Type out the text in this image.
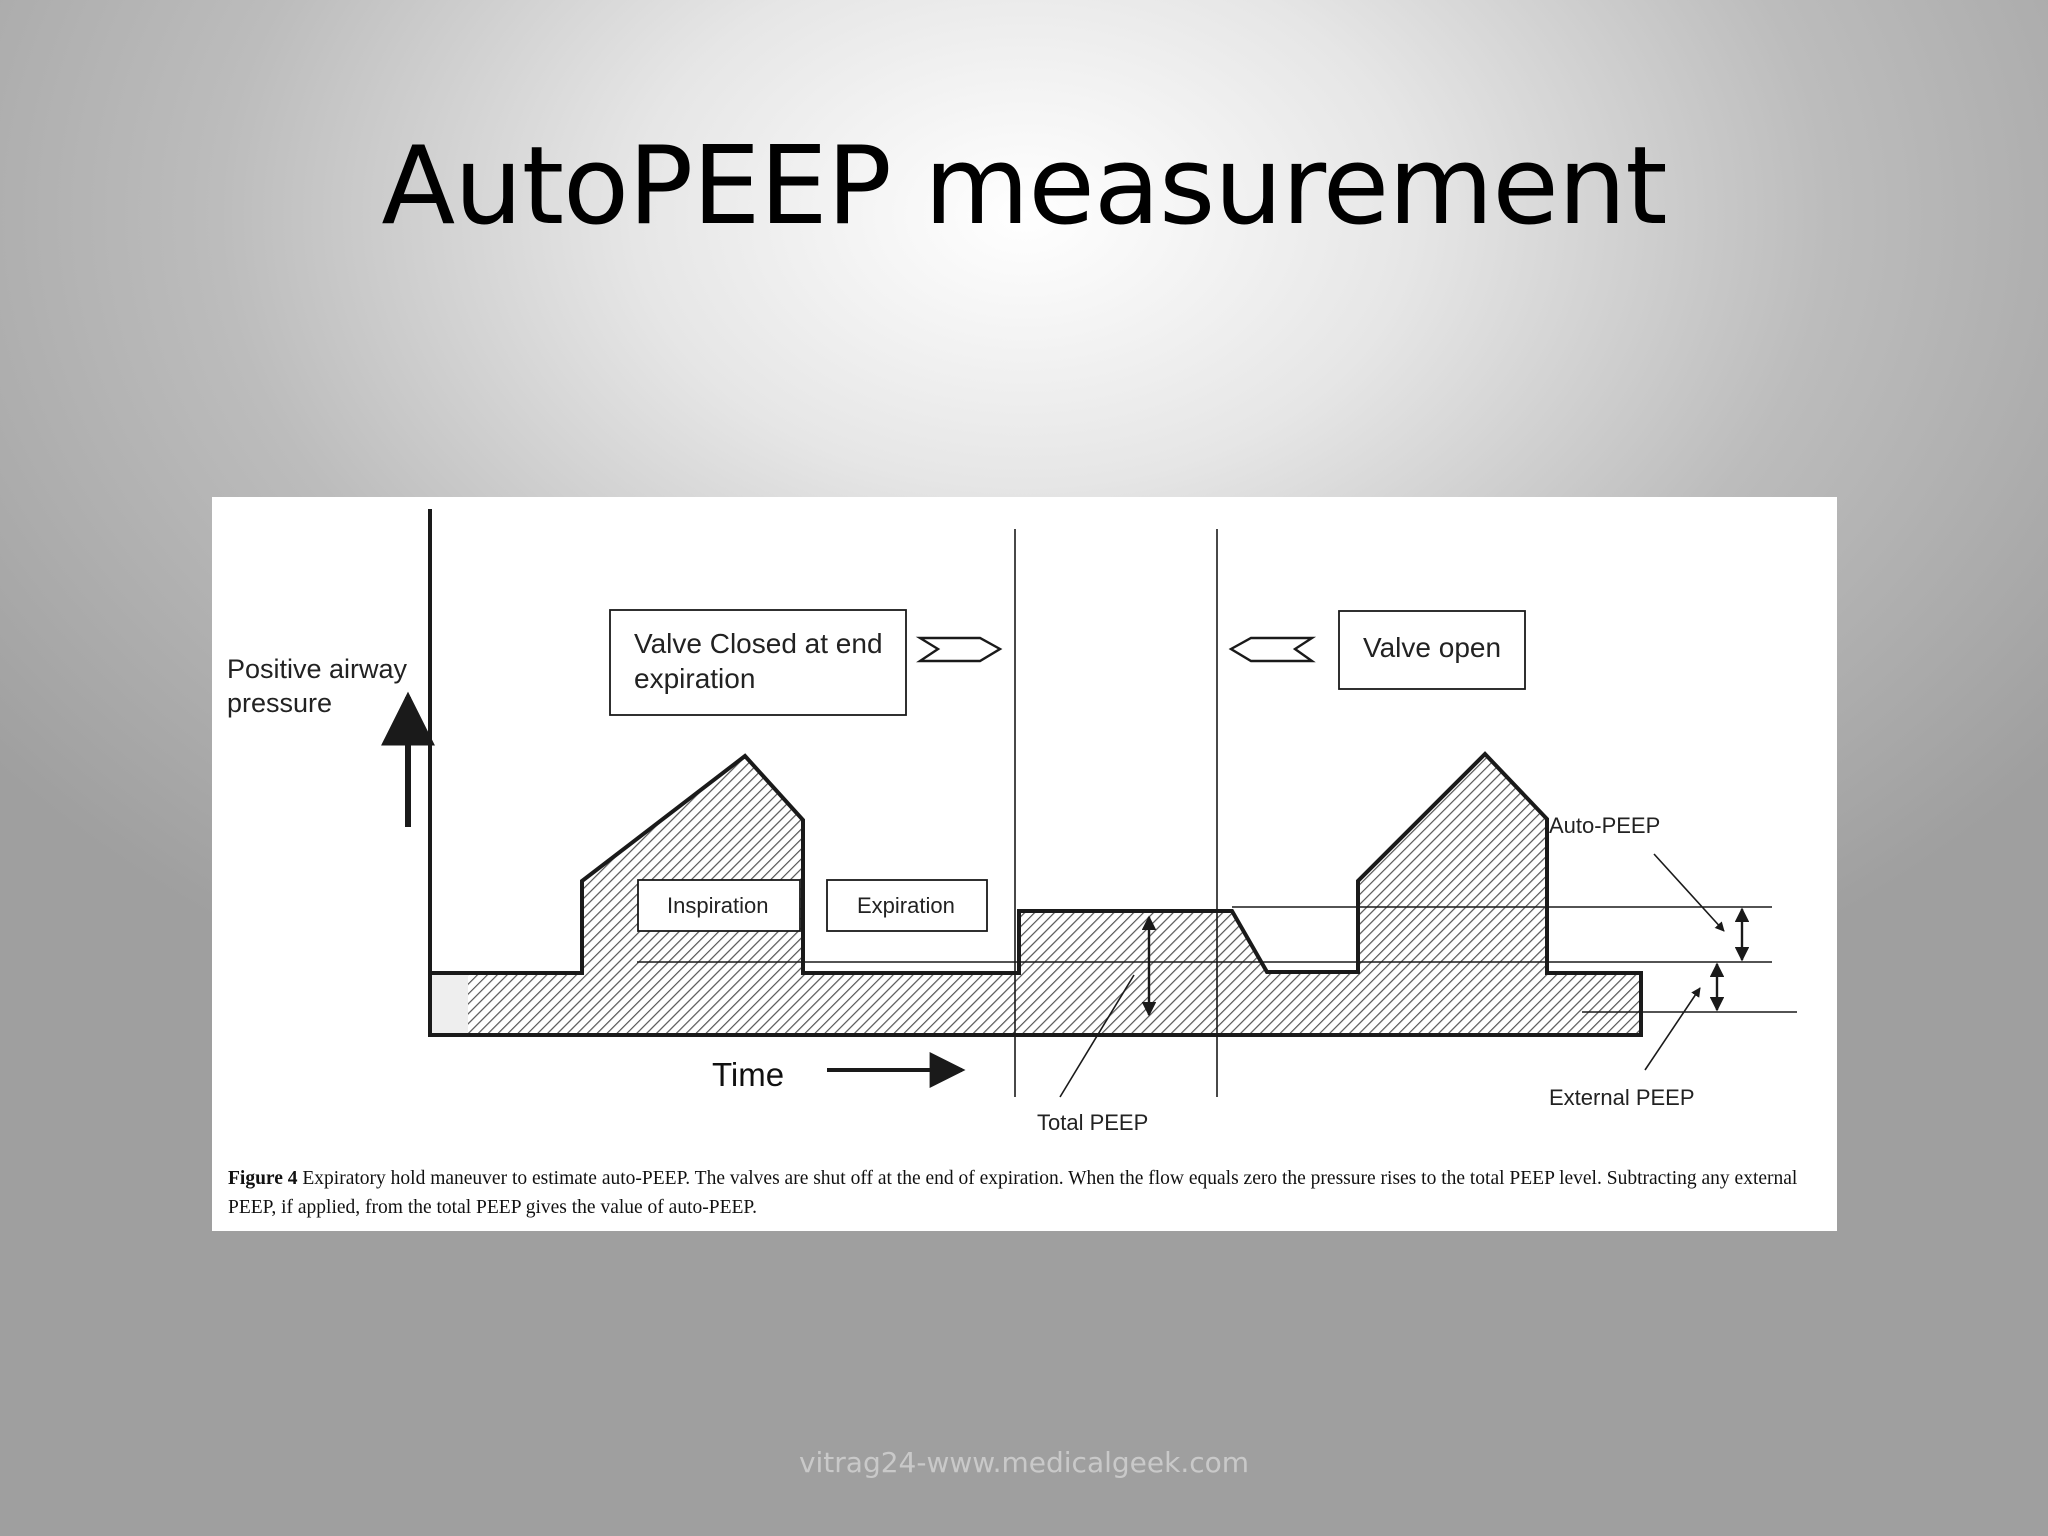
AutoPEEP measurement
Positive airway
pressure
Time
Valve Closed at end
expiration
Valve open
Inspiration	Expiration
Total PEEP
Auto-PEEP
External PEEP

Figure 4 Expiratory hold maneuver to estimate auto-PEEP. The valves are shut off at the end of expiration. When the flow equals zero the pressure rises to the total PEEP level. Subtracting any external PEEP, if applied, from the total PEEP gives the value of auto-PEEP.

vitrag24-www.medicalgeek.com
